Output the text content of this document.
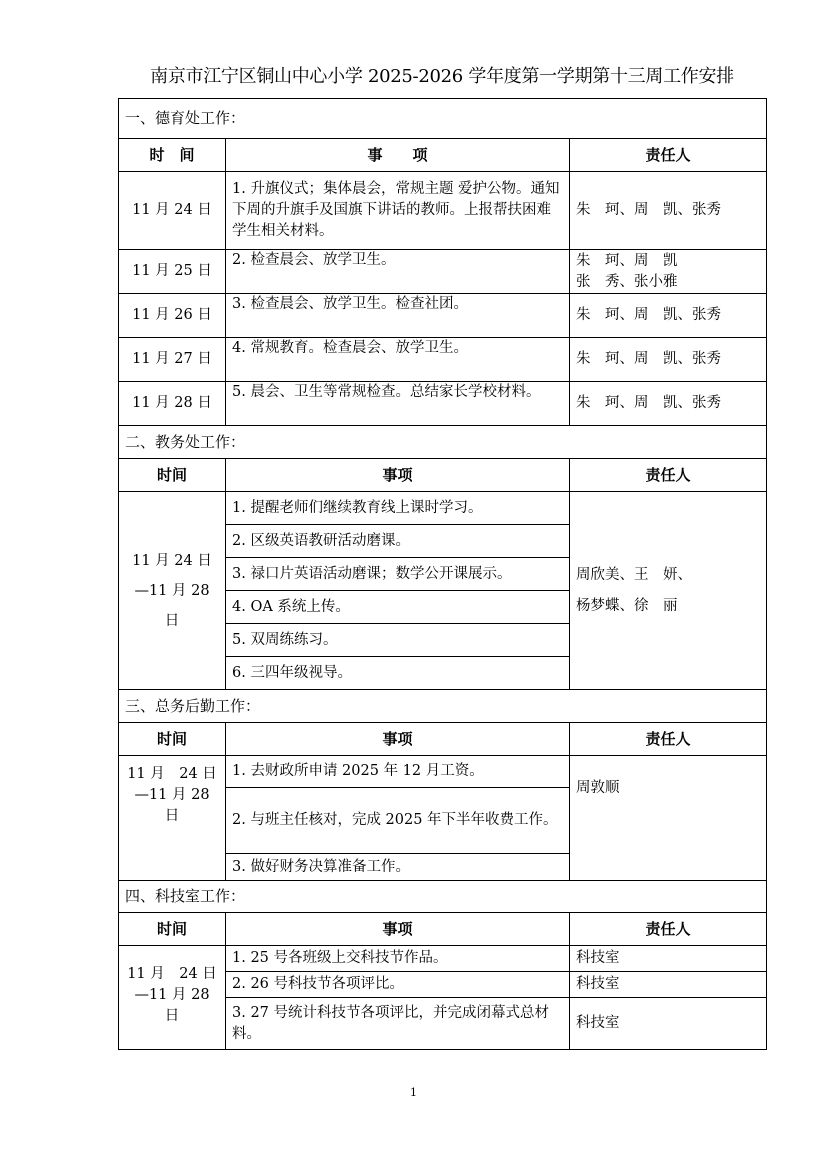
南京市江宁区铜山中心小学 2025-2026 学年度第一学期第十三周工作安排
一、德育处工作：		
时　间	事　　项	责任人
11 月 24 日	1. 升旗仪式；集体晨会，常规主题 爱护公物。通知下周的升旗手及国旗下讲话的教师。上报帮扶困难学生相关材料。	朱　珂、周　凯、张秀
11 月 25 日	2. 检查晨会、放学卫生。	朱　珂、周　凯
张　秀、张小雅
11 月 26 日	3. 检查晨会、放学卫生。检查社团。	朱　珂、周　凯、张秀
11 月 27 日	4. 常规教育。检查晨会、放学卫生。	朱　珂、周　凯、张秀
11 月 28 日	5. 晨会、卫生等常规检查。总结家长学校材料。	朱　珂、周　凯、张秀
二、教务处工作：		
时间	事项	责任人
11 月 24 日
—11 月 28 日	1. 提醒老师们继续教育线上课时学习。	周欣美、王　妍、
杨梦蝶、徐　丽
	2. 区级英语教研活动磨课。	
	3. 禄口片英语活动磨课；数学公开课展示。	
	4. OA 系统上传。	
	5. 双周练练习。	
	6. 三四年级视导。	
三、总务后勤工作：		
时间	事项	责任人
11 月　24 日
—11 月 28 日	1. 去财政所申请 2025 年 12 月工资。	周敦顺
	2. 与班主任核对，完成 2025 年下半年收费工作。	
	3. 做好财务决算准备工作。	
四、科技室工作：		
时间	事项	责任人
11 月　24 日
—11 月 28 日	1. 25 号各班级上交科技节作品。	科技室
	2. 26 号科技节各项评比。	科技室
	3. 27 号统计科技节各项评比，并完成闭幕式总材料。	科技室
1
